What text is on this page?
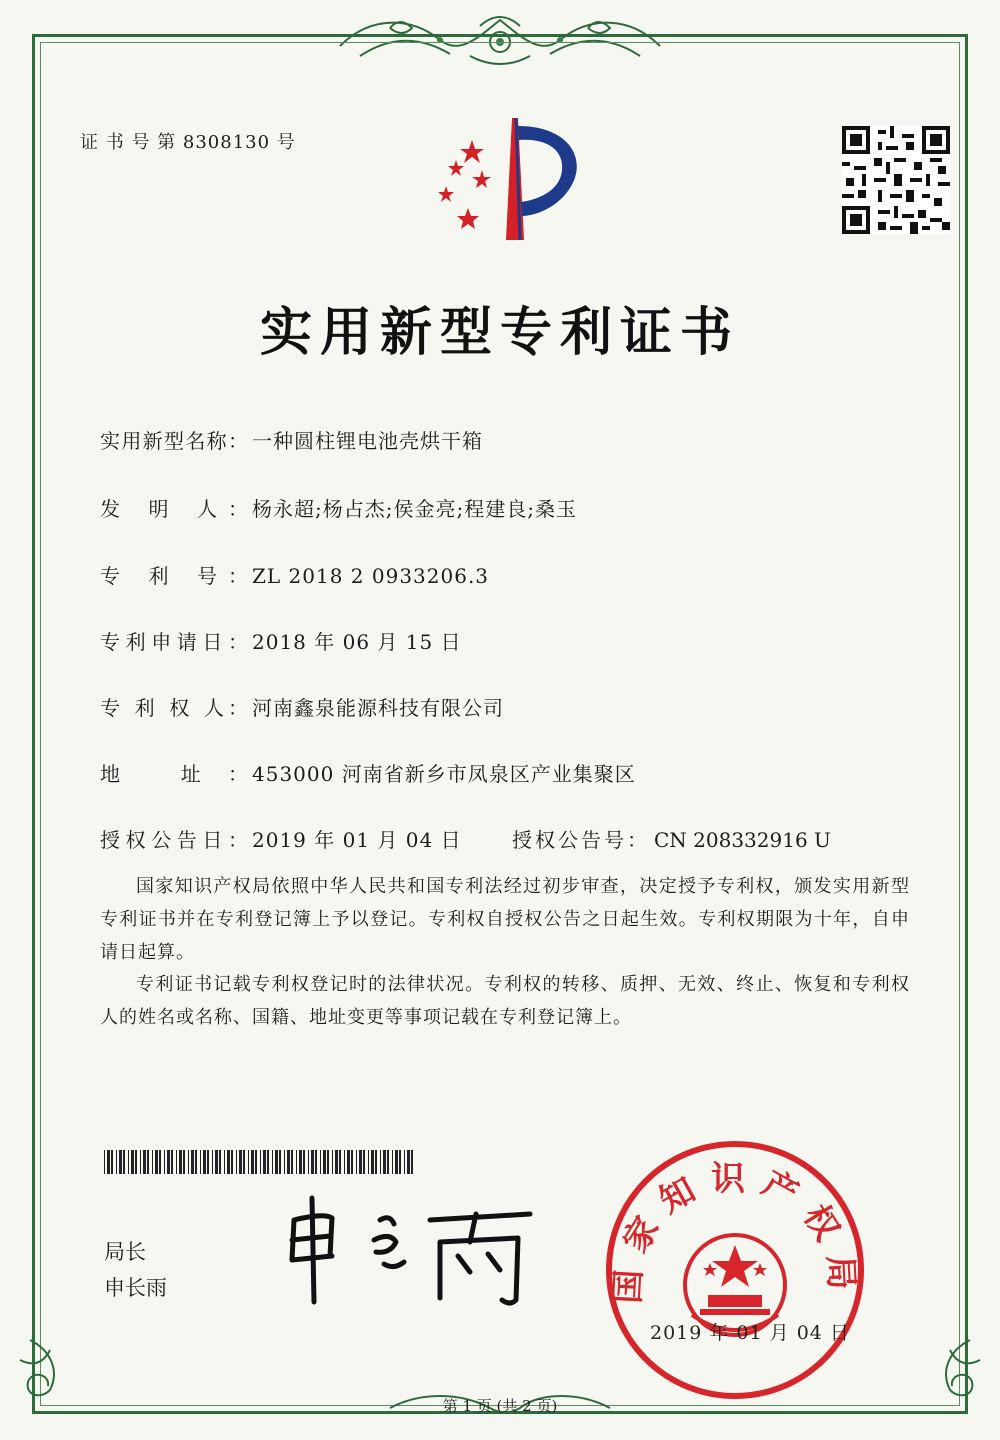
证 书 号 第 8308130 号
实用新型专利证书
实用新型名称： 一种圆柱锂电池壳烘干箱
发 明 人： 杨永超;杨占杰;侯金亮;程建良;桑玉
专 利 号： ZL 2018 2 0933206.3
专利申请日： 2018 年 06 月 15 日
专 利 权 人： 河南鑫泉能源科技有限公司
地 址： 453000 河南省新乡市凤泉区产业集聚区
授权公告日： 2019 年 01 月 04 日	授权公告号： CN 208332916 U
国家知识产权局依照中华人民共和国专利法经过初步审查，决定授予专利权，颁发实用新型专利证书并在专利登记簿上予以登记。专利权自授权公告之日起生效。专利权期限为十年，自申请日起算。
专利证书记载专利权登记时的法律状况。专利权的转移、质押、无效、终止、恢复和专利权人的姓名或名称、国籍、地址变更等事项记载在专利登记簿上。
局长
申长雨	国家知识产权局
2019 年 01 月 04 日
第 1 页 (共 2 页)
